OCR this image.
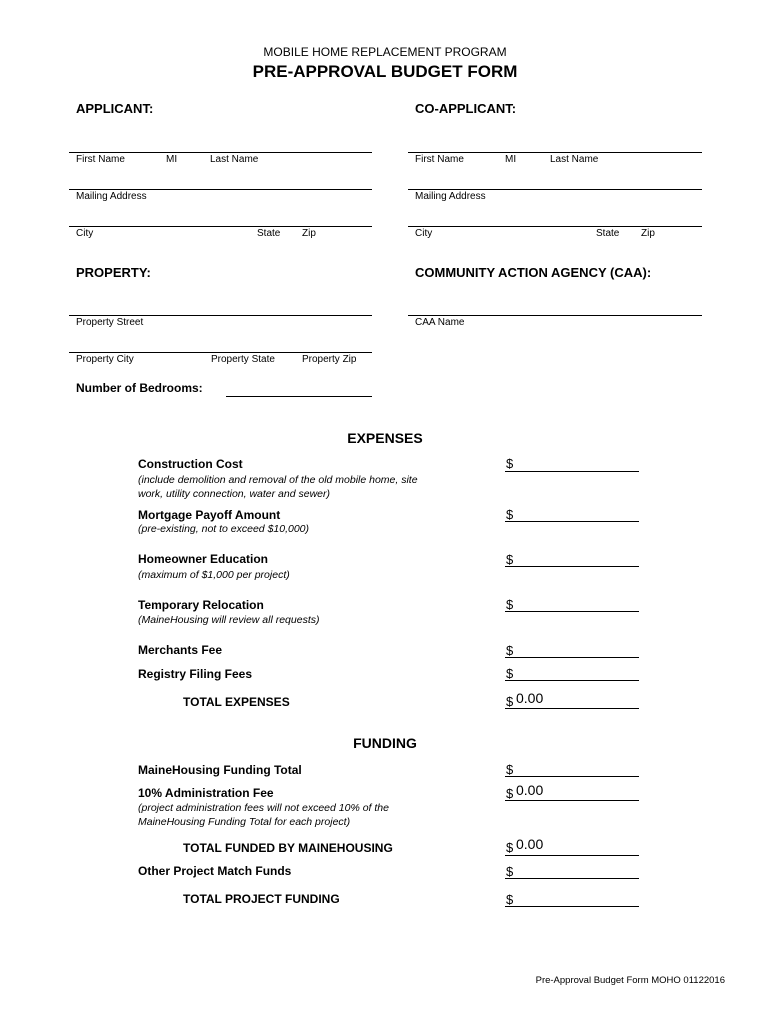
MOBILE HOME REPLACEMENT PROGRAM
PRE-APPROVAL BUDGET FORM
APPLICANT:
First Name	MI	Last Name
Mailing Address
City	State Zip
CO-APPLICANT:
First Name	MI	Last Name
Mailing Address
City	State Zip
PROPERTY:
Property Street
Property City	Property State	Property Zip
Number of Bedrooms:
COMMUNITY ACTION AGENCY (CAA):
CAA Name
EXPENSES
Construction Cost
(include demolition and removal of the old mobile home, site
work, utility connection, water and sewer)
$
Mortgage Payoff Amount
(pre-existing, not to exceed $10,000)
$
Homeowner Education
(maximum of $1,000 per project)
$
Temporary Relocation
(MaineHousing will review all requests)
$
Merchants Fee	$
Registry Filing Fees	$
TOTAL EXPENSES	$ 0.00
FUNDING
MaineHousing Funding Total	$
10% Administration Fee	$ 0.00
(project administration fees will not exceed 10% of the
MaineHousing Funding Total for each project)
TOTAL FUNDED BY MAINEHOUSING	$ 0.00
Other Project Match Funds	$
TOTAL PROJECT FUNDING	$
Pre-Approval Budget Form MOHO 01122016
